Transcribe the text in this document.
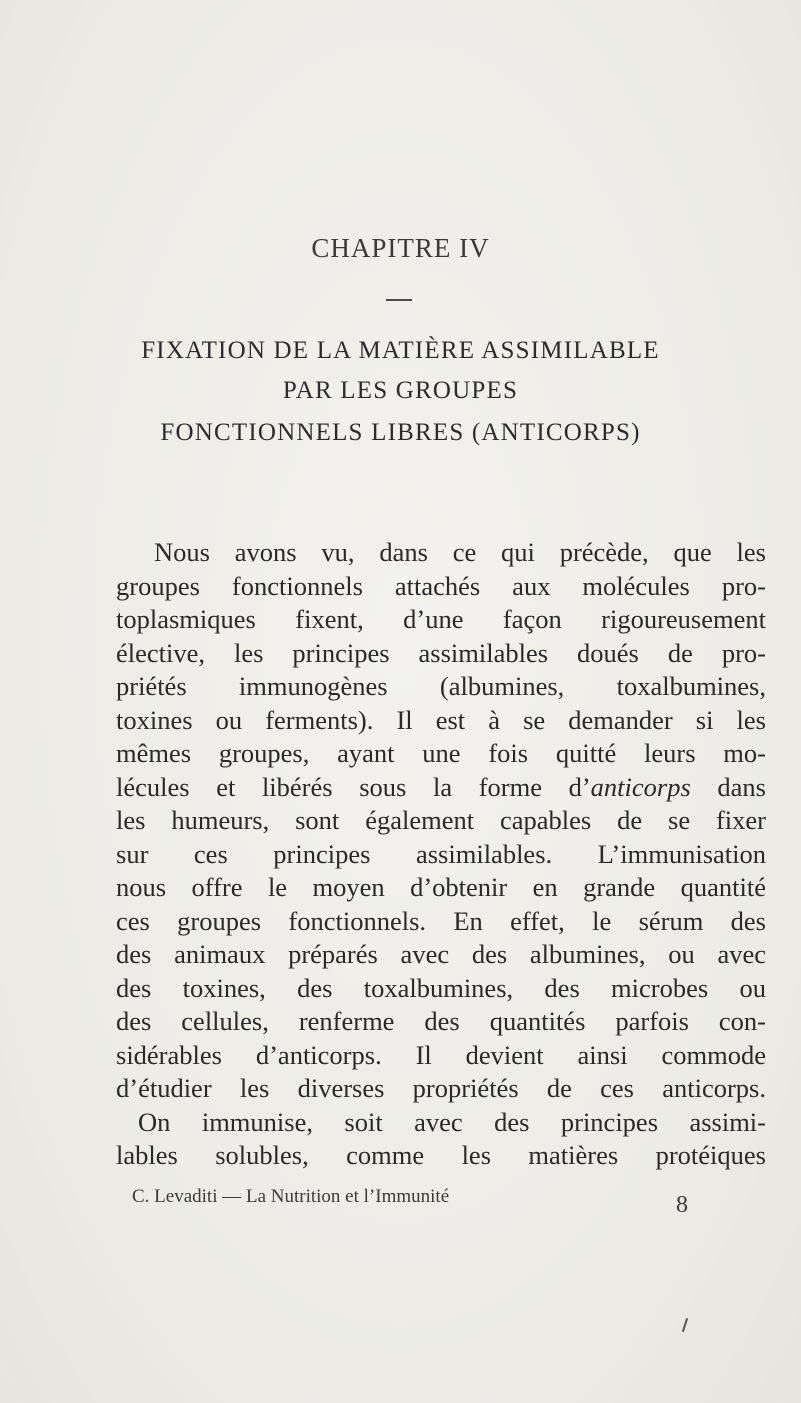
CHAPITRE IV
FIXATION DE LA MATIÈRE ASSIMILABLE
PAR LES GROUPES
FONCTIONNELS LIBRES (ANTICORPS)
Nous avons vu, dans ce qui précède, que les
groupes fonctionnels attachés aux molécules pro-
toplasmiques fixent, d’une façon rigoureusement
élective, les principes assimilables doués de pro-
priétés immunogènes (albumines, toxalbumines,
toxines ou ferments). Il est à se demander si les
mêmes groupes, ayant une fois quitté leurs mo-
lécules et libérés sous la forme d’anticorps dans
les humeurs, sont également capables de se fixer
sur ces principes assimilables. L’immunisation
nous offre le moyen d’obtenir en grande quantité
ces groupes fonctionnels. En effet, le sérum des
des animaux préparés avec des albumines, ou avec
des toxines, des toxalbumines, des microbes ou
des cellules, renferme des quantités parfois con-
sidérables d’anticorps. Il devient ainsi commode
d’étudier les diverses propriétés de ces anticorps.
On immunise, soit avec des principes assimi-
lables solubles, comme les matières protéiques
C. Levaditi — La Nutrition et l’Immunité	8
